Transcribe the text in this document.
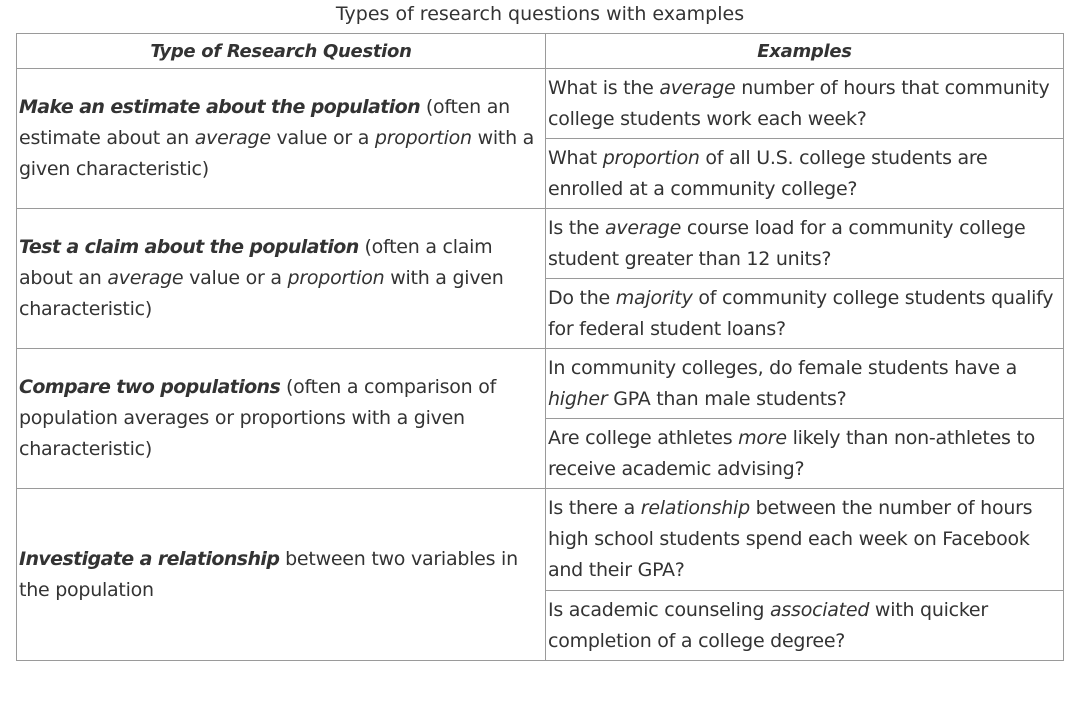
Types of research questions with examples
Type of Research Question	Examples
Make an estimate about the population (often an estimate about an average value or a proportion with a given characteristic)	What is the average number of hours that community college students work each week?
	What proportion of all U.S. college students are enrolled at a community college?
Test a claim about the population (often a claim about an average value or a proportion with a given characteristic)	Is the average course load for a community college student greater than 12 units?
	Do the majority of community college students qualify for federal student loans?
Compare two populations (often a comparison of population averages or proportions with a given characteristic)	In community colleges, do female students have a higher GPA than male students?
	Are college athletes more likely than non-athletes to receive academic advising?
Investigate a relationship between two variables in the population	Is there a relationship between the number of hours high school students spend each week on Facebook and their GPA?
	Is academic counseling associated with quicker completion of a college degree?
